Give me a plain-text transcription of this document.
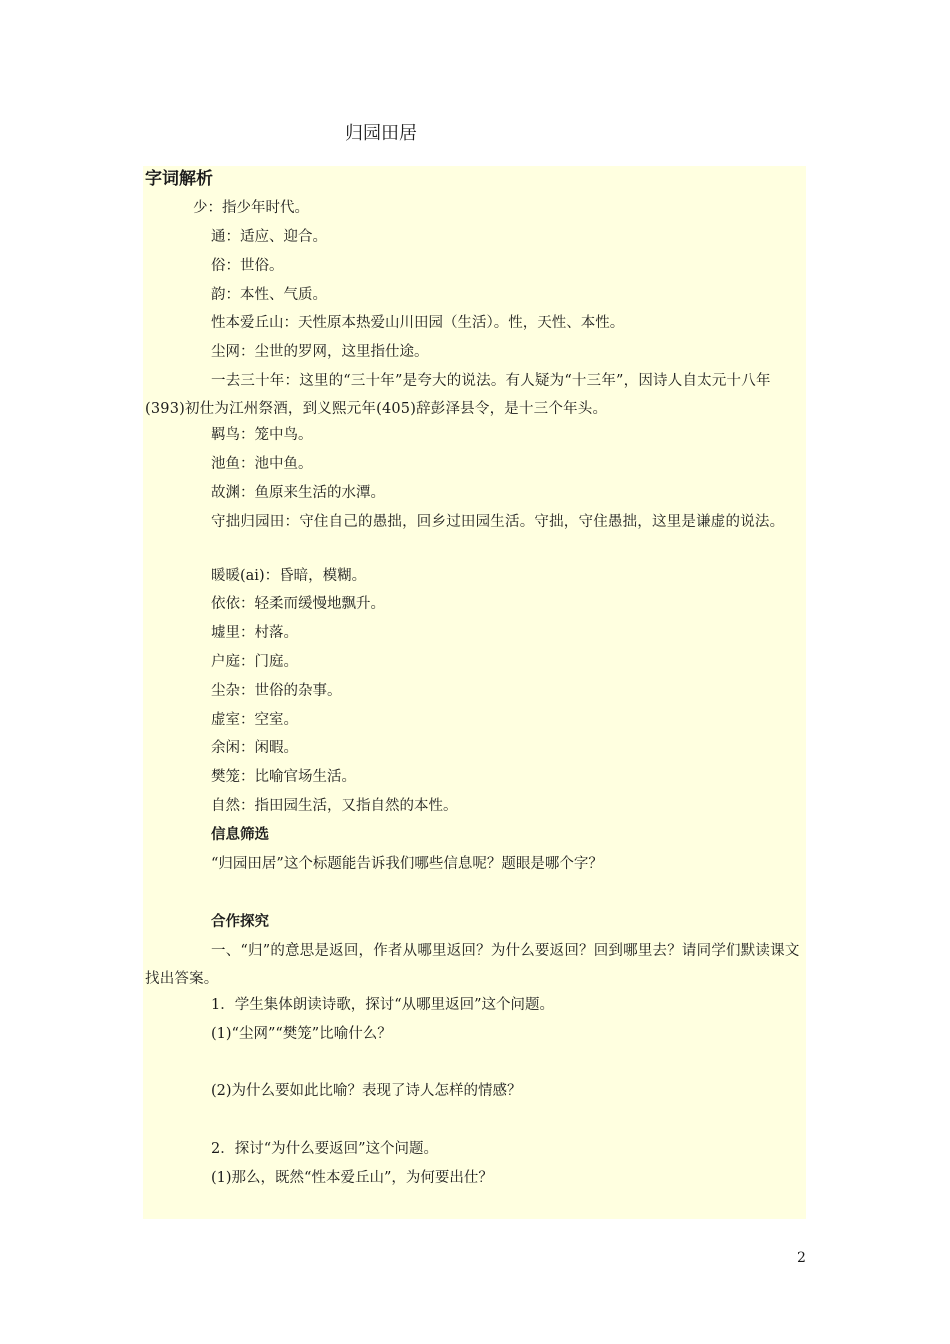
归园田居
字词解析
少：指少年时代。
通：适应、迎合。
俗：世俗。
韵：本性、气质。
性本爱丘山：天性原本热爱山川田园（生活）。性，天性、本性。
尘网：尘世的罗网，这里指仕途。
一去三十年：这里的“三十年”是夸大的说法。有人疑为“十三年”，因诗人自太元十八年(393)初仕为江州祭酒，到义熙元年(405)辞彭泽县令，是十三个年头。
羁鸟：笼中鸟。
池鱼：池中鱼。
故渊：鱼原来生活的水潭。
守拙归园田：守住自己的愚拙，回乡过田园生活。守拙，守住愚拙，这里是谦虚的说法。
暖暖(ai)：昏暗，模糊。
依依：轻柔而缓慢地飘升。
墟里：村落。
户庭：门庭。
尘杂：世俗的杂事。
虚室：空室。
余闲：闲暇。
樊笼：比喻官场生活。
自然：指田园生活，又指自然的本性。
信息筛选
“归园田居”这个标题能告诉我们哪些信息呢？题眼是哪个字？
合作探究
一、“归”的意思是返回，作者从哪里返回？为什么要返回？回到哪里去？请同学们默读课文找出答案。
1．学生集体朗读诗歌，探讨“从哪里返回”这个问题。
(1)“尘网”“樊笼”比喻什么？
(2)为什么要如此比喻？表现了诗人怎样的情感？
2．探讨“为什么要返回”这个问题。
(1)那么，既然“性本爱丘山”，为何要出仕？
2
